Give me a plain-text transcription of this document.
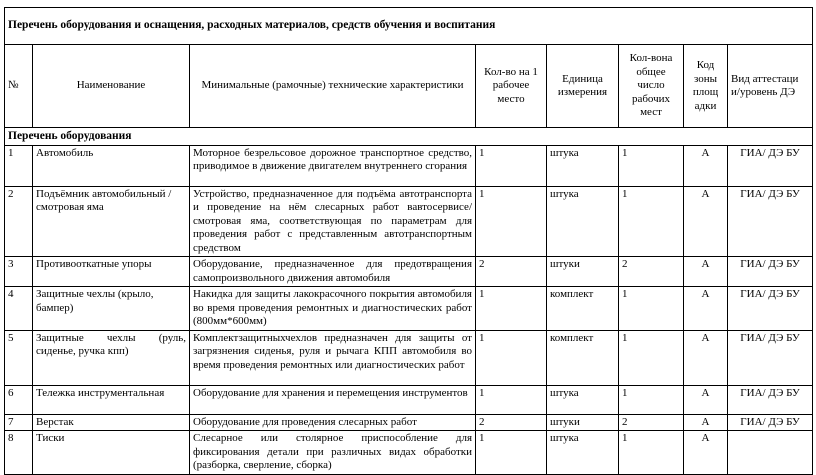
Перечень оборудования и оснащения, расходных материалов, средств обучения и воспитания							
№	Наименование	Минимальные (рамочные) технические характеристики	Кол-во на 1 рабочее место	Единица измерения	Кол-вона общее число рабочих мест	Код зоны площ адки	Вид аттестаци и/уровень ДЭ
Перечень оборудования							
1	Автомобиль	Моторное безрельсовое дорожное транспортное средство, приводимое в движение двигателем внутреннего сгорания	1	штука	1	А	ГИА/ ДЭ БУ
2	Подъёмник автомобильный / смотровая яма	Устройство, предназначенное для подъёма автотранспорта и проведение на нём слесарных работ вавтосервисе/смотровая яма, соответствующая по параметрам для проведения работ с представленным автотранспортным средством	1	штука	1	А	ГИА/ ДЭ БУ
3	Противооткатные упоры	Оборудование, предназначенное для предотвращения самопроизвольного движения автомобиля	2	штуки	2	А	ГИА/ ДЭ БУ
4	Защитные чехлы (крыло, бампер)	Накидка для защиты лакокрасочного покрытия автомобиля во время проведения ремонтных и диагностических работ (800мм*600мм)	1	комплект	1	А	ГИА/ ДЭ БУ
5	Защитные чехлы (руль, сиденье, ручка кпп)	Комплектзащитныхчехлов предназначен для защиты от загрязнения сиденья, руля и рычага КПП автомобиля во время проведения ремонтных или диагностических работ	1	комплект	1	А	ГИА/ ДЭ БУ
6	Тележка инструментальная	Оборудование для хранения и перемещения инструментов	1	штука	1	А	ГИА/ ДЭ БУ
7	Верстак	Оборудование для проведения слесарных работ	2	штуки	2	А	ГИА/ ДЭ БУ
8	Тиски	Слесарное или столярное приспособление для фиксирования детали при различных видах обработки (разборка, сверление, сборка)	1	штука	1	А	
